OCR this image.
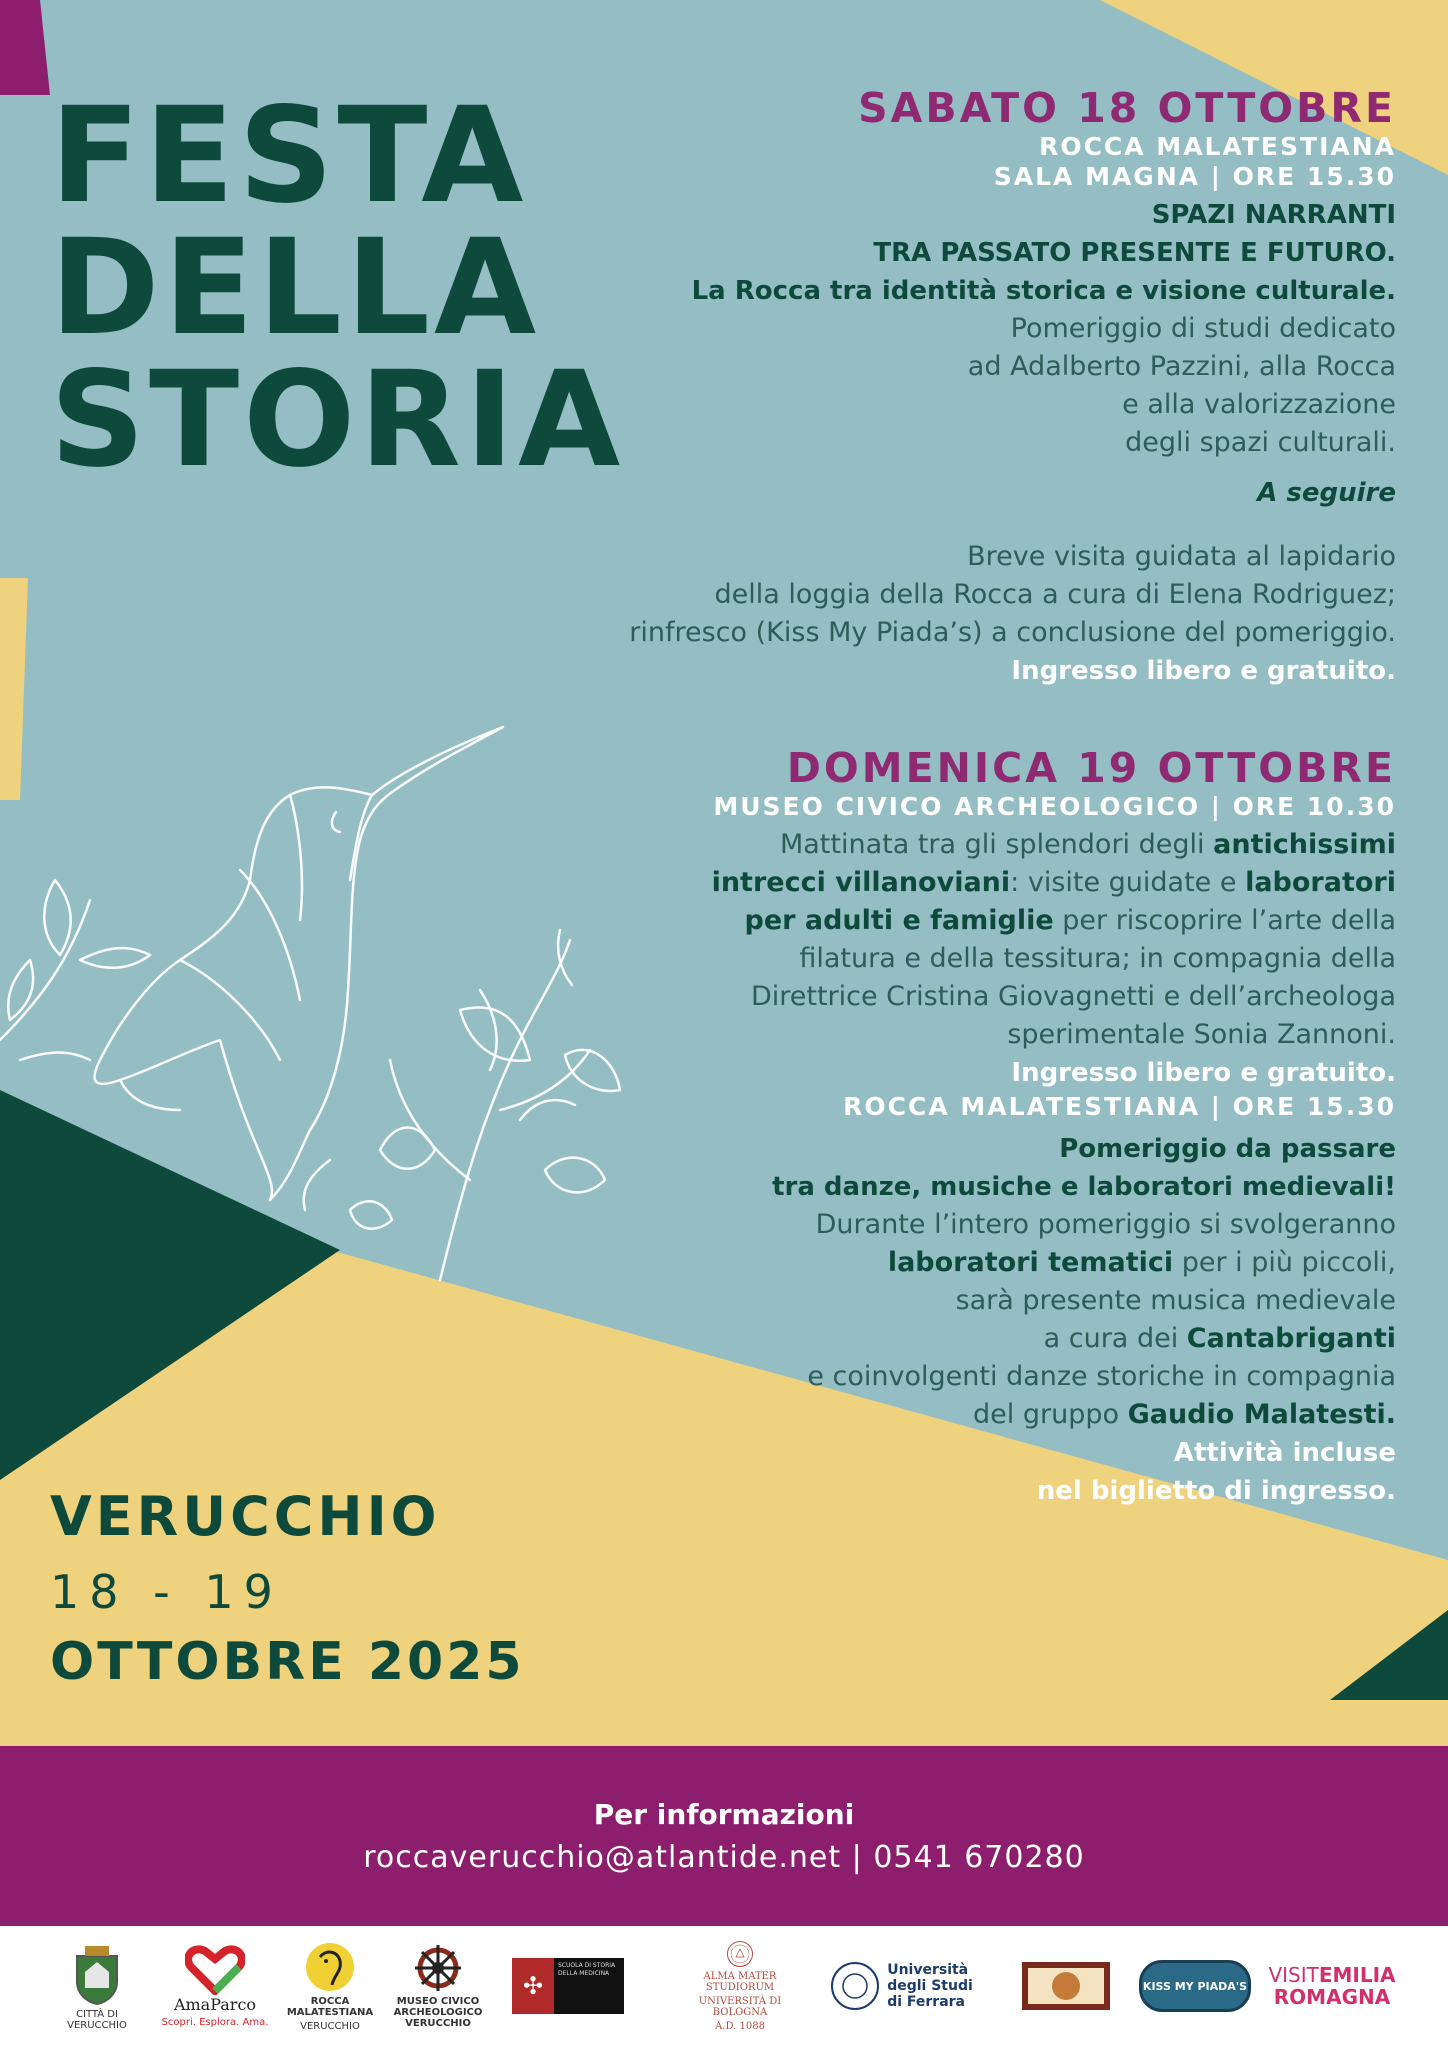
FESTA
DELLA
STORIA
SABATO 18 OTTOBRE
ROCCA MALATESTIANA
SALA MAGNA | ORE 15.30
SPAZI NARRANTI
TRA PASSATO PRESENTE E FUTURO.
La Rocca tra identità storica e visione culturale.
Pomeriggio di studi dedicato
ad Adalberto Pazzini, alla Rocca
e alla valorizzazione
degli spazi culturali.
A seguire
Breve visita guidata al lapidario
della loggia della Rocca a cura di Elena Rodriguez;
rinfresco (Kiss My Piada’s) a conclusione del pomeriggio.
Ingresso libero e gratuito.
DOMENICA 19 OTTOBRE
MUSEO CIVICO ARCHEOLOGICO | ORE 10.30
Mattinata tra gli splendori degli antichissimi
intrecci villanoviani: visite guidate e laboratori
per adulti e famiglie per riscoprire l’arte della
filatura e della tessitura; in compagnia della
Direttrice Cristina Giovagnetti e dell’archeologa
sperimentale Sonia Zannoni.
Ingresso libero e gratuito.
ROCCA MALATESTIANA | ORE 15.30
Pomeriggio da passare
tra danze, musiche e laboratori medievali!
Durante l’intero pomeriggio si svolgeranno
laboratori tematici per i più piccoli,
sarà presente musica medievale
a cura dei Cantabriganti
e coinvolgenti danze storiche in compagnia
del gruppo Gaudio Malatesti.
Attività incluse
nel biglietto di ingresso.
VERUCCHIO
18 - 19
OTTOBRE 2025
Per informazioni
roccaverucchio@atlantide.net | 0541 670280
CITTÀ DI VERUCCHIO
AmaParco
Scopri. Esplora. Ama.
ROCCA MALATESTIANA
VERUCCHIO
MUSEO CIVICO ARCHEOLOGICO VERUCCHIO
✣
SCUOLA DI STORIA DELLA MEDICINA	ALMA MATER STUDIORUM
UNIVERSITÀ DI BOLOGNA
A.D. 1088
Università
degli Studi
di Ferrara
KISS MY PIADA'S VISITEMILIA
ROMAGNA
